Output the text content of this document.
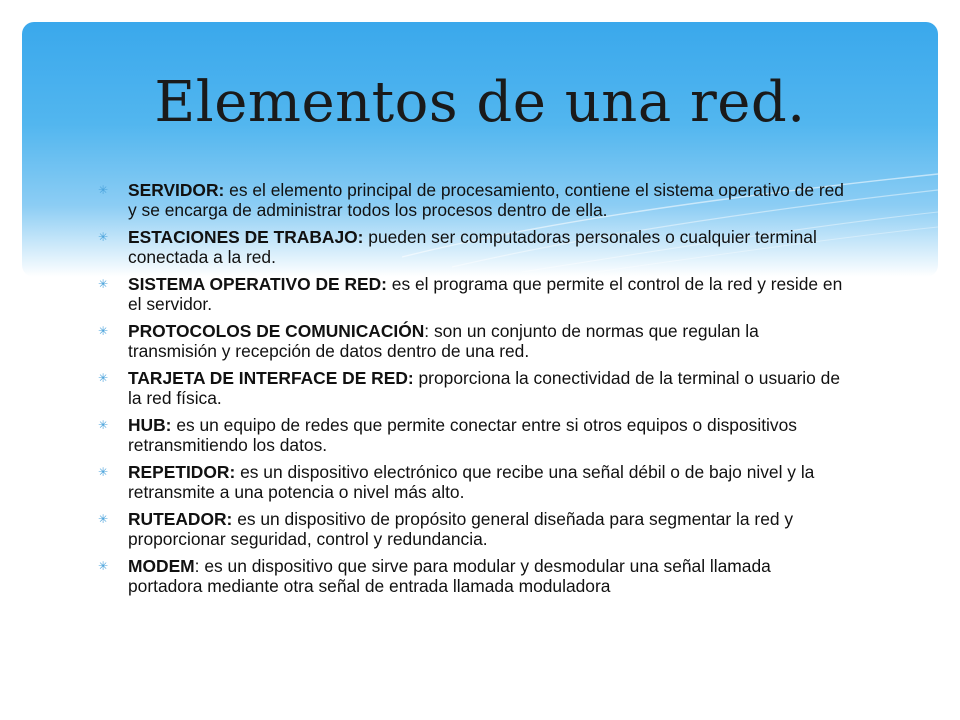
Elementos de una red.
✳ SERVIDOR: es el elemento principal de procesamiento, contiene el sistema operativo de red y se encarga de administrar todos los procesos dentro de ella.
✳ ESTACIONES DE TRABAJO: pueden ser computadoras personales o cualquier terminal conectada a la red.
✳ SISTEMA OPERATIVO DE RED: es el programa que permite el control de la red y reside en el servidor.
✳ PROTOCOLOS DE COMUNICACIÓN: son un conjunto de normas que regulan la transmisión y recepción de datos dentro de una red.
✳ TARJETA DE INTERFACE DE RED: proporciona la conectividad de la terminal o usuario de la red física.
✳ HUB: es un equipo de redes que permite conectar entre si otros equipos o dispositivos retransmitiendo los datos.
✳ REPETIDOR: es un dispositivo electrónico que recibe una señal débil o de bajo nivel y la retransmite a una potencia o nivel más alto.
✳ RUTEADOR: es un dispositivo de propósito general diseñada para segmentar la red y proporcionar seguridad, control y redundancia.
✳ MODEM: es un dispositivo que sirve para modular y desmodular una señal llamada portadora mediante otra señal de entrada llamada moduladora
